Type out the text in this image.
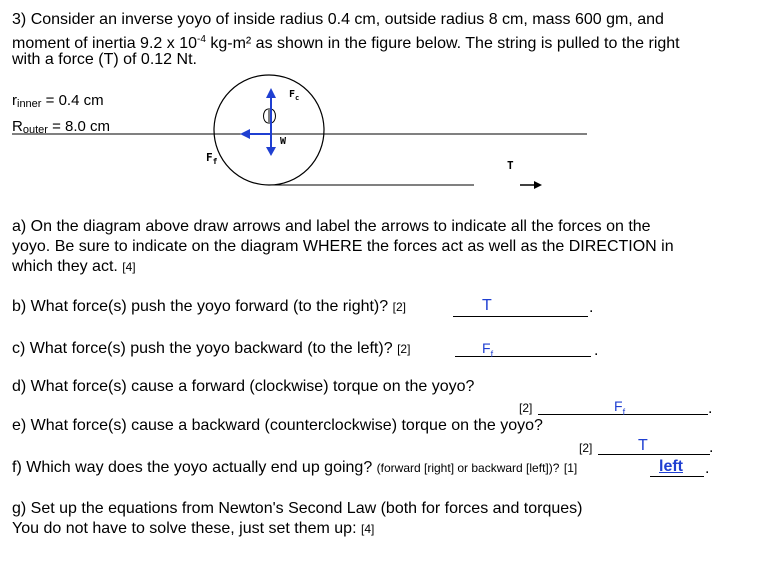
3) Consider an inverse yoyo of inside radius 0.4 cm, outside radius 8 cm, mass 600 gm, and
moment of inertia 9.2 x $10^{-4}$ kg-m² as shown in the figure below. The string is pulled to the right
with a force (T) of 0.12 Nt.
$r_{inner} = 0.4$ cm
$R_{outer} = 8.0$ cm
$F_c$
W
$F_f$	T
a) On the diagram above draw arrows and label the arrows to indicate all the forces on the
yoyo. Be sure to indicate on the diagram WHERE the forces act as well as the DIRECTION in
which they act. [4]
b) What force(s) push the yoyo forward (to the right)? [2]	T	.
c) What force(s) push the yoyo backward (to the left)? [2]	$F_f$	.
d) What force(s) cause a forward (clockwise) torque on the yoyo?
[2]	$F_f$	.
e) What force(s) cause a backward (counterclockwise) torque on the yoyo?
[2]	T	.
f) Which way does the yoyo actually end up going? (forward [right] or backward [left])? [1]	left .
g) Set up the equations from Newton's Second Law (both for forces and torques)
You do not have to solve these, just set them up: [4]
